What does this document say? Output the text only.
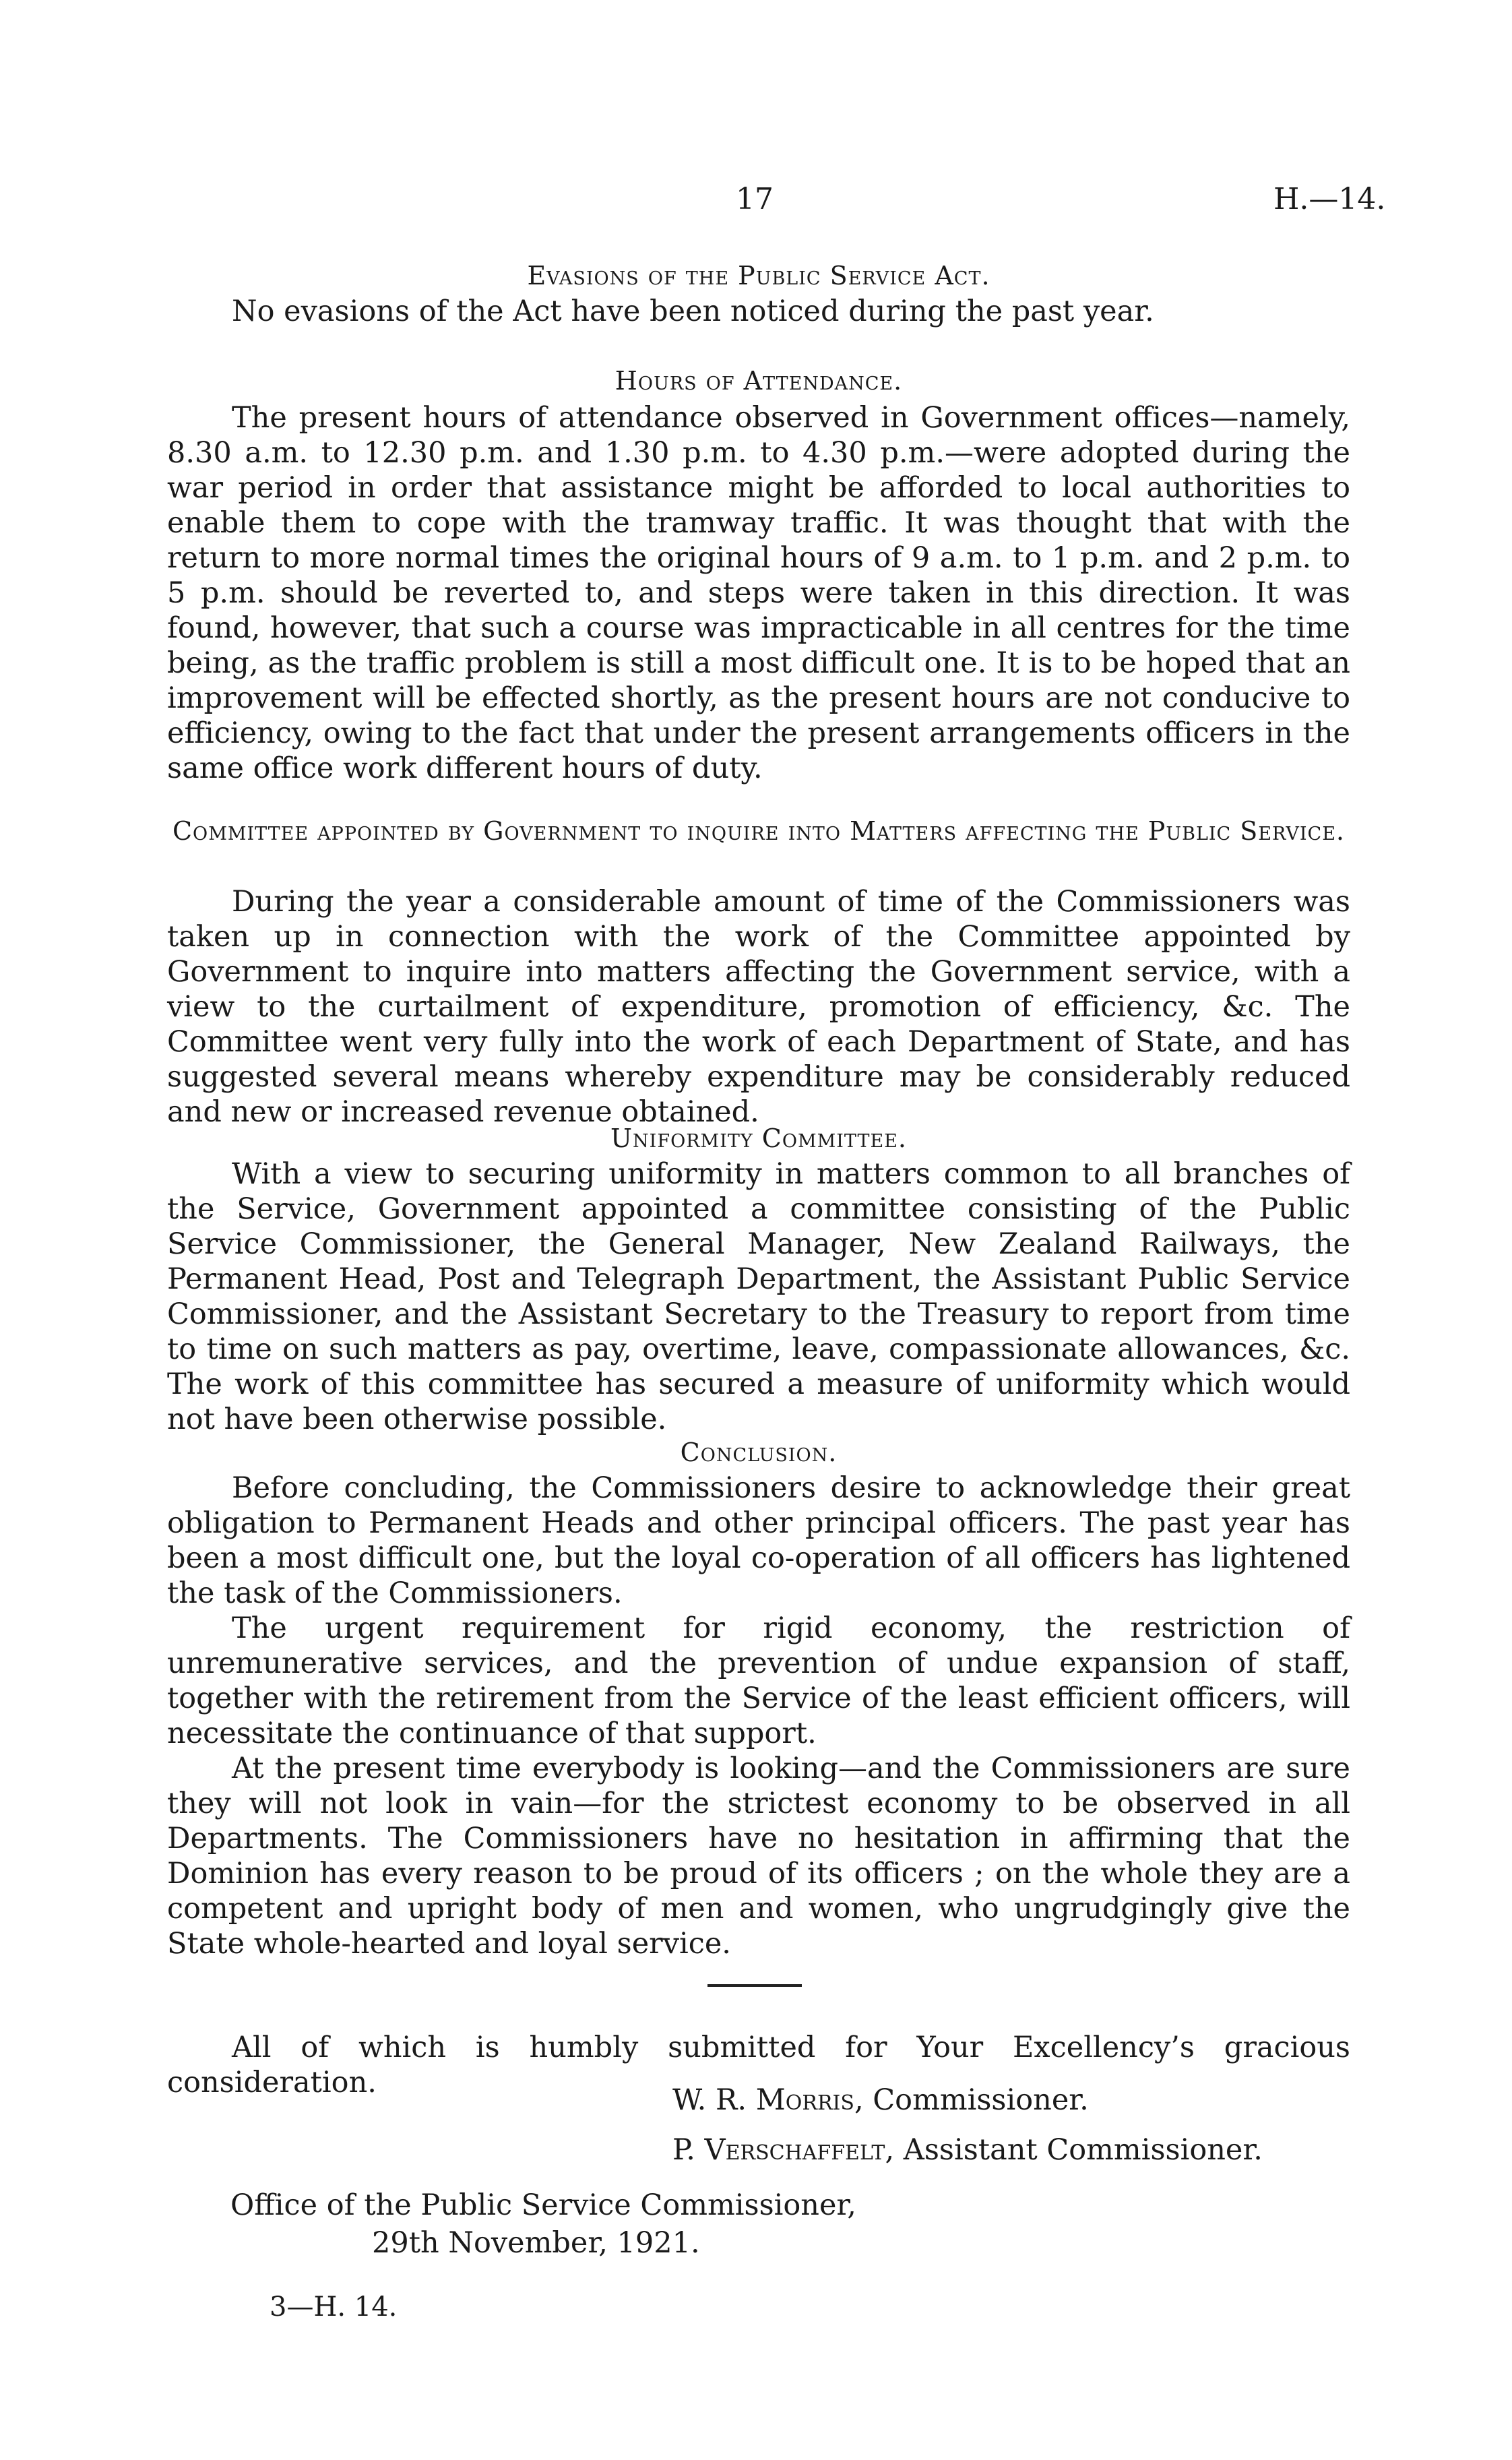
17	H.—14.
Evasions of the Public Service Act.
No evasions of the Act have been noticed during the past year.
Hours of Attendance.
The present hours of attendance observed in Government offices—namely, 8.30 a.m. to 12.30 p.m. and 1.30 p.m. to 4.30 p.m.—were adopted during the war period in order that assistance might be afforded to local authorities to enable them to cope with the tramway traffic. It was thought that with the return to more normal times the original hours of 9 a.m. to 1 p.m. and 2 p.m. to 5 p.m. should be reverted to, and steps were taken in this direction. It was found, however, that such a course was impracticable in all centres for the time being, as the traffic problem is still a most difficult one. It is to be hoped that an improvement will be effected shortly, as the present hours are not conducive to efficiency, owing to the fact that under the present arrangements officers in the same office work different hours of duty.
Committee appointed by Government to inquire into Matters affecting the Public Service.
During the year a considerable amount of time of the Commissioners was taken up in connection with the work of the Committee appointed by Government to inquire into matters affecting the Government service, with a view to the curtailment of expenditure, promotion of efficiency, &c. The Committee went very fully into the work of each Department of State, and has suggested several means whereby expenditure may be considerably reduced and new or increased revenue obtained.
Uniformity Committee.
With a view to securing uniformity in matters common to all branches of the Service, Government appointed a committee consisting of the Public Service Commissioner, the General Manager, New Zealand Railways, the Permanent Head, Post and Telegraph Department, the Assistant Public Service Commissioner, and the Assistant Secretary to the Treasury to report from time to time on such matters as pay, overtime, leave, compassionate allowances, &c. The work of this committee has secured a measure of uniformity which would not have been otherwise possible.
Conclusion.
Before concluding, the Commissioners desire to acknowledge their great obligation to Permanent Heads and other principal officers. The past year has been a most difficult one, but the loyal co-operation of all officers has lightened the task of the Commissioners.
The urgent requirement for rigid economy, the restriction of unremunerative services, and the prevention of undue expansion of staff, together with the retirement from the Service of the least efficient officers, will necessitate the continuance of that support.
At the present time everybody is looking—and the Commissioners are sure they will not look in vain—for the strictest economy to be observed in all Departments. The Commissioners have no hesitation in affirming that the Dominion has every reason to be proud of its officers ; on the whole they are a competent and upright body of men and women, who ungrudgingly give the State whole-hearted and loyal service.
All of which is humbly submitted for Your Excellency’s gracious consideration.
W. R. Morris, Commissioner.
P. Verschaffelt, Assistant Commissioner.
Office of the Public Service Commissioner,
29th November, 1921.
3—H. 14.
